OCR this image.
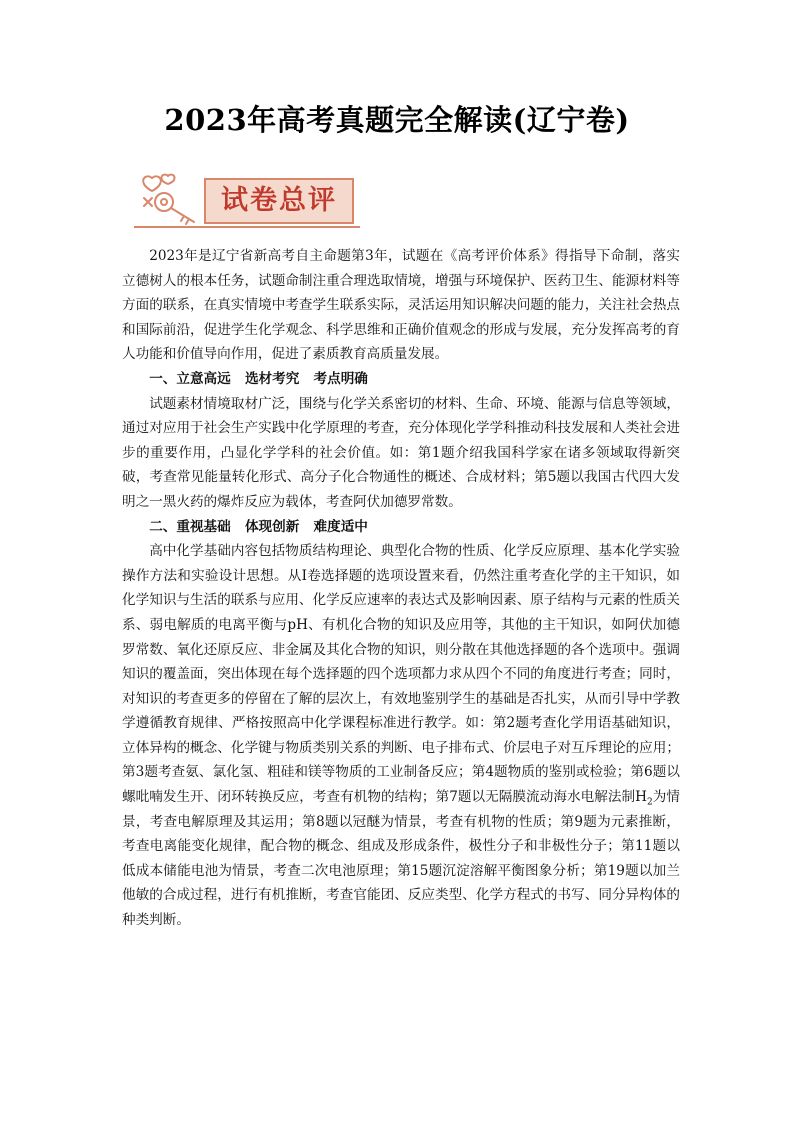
2023年高考真题完全解读(辽宁卷)
试卷总评

2023年是辽宁省新高考自主命题第3年，试题在《高考评价体系》得指导下命制，落实立德树人的根本任务，试题命制注重合理选取情境，增强与环境保护、医药卫生、能源材料等方面的联系，在真实情境中考查学生联系实际，灵活运用知识解决问题的能力，关注社会热点和国际前沿，促进学生化学观念、科学思维和正确价值观念的形成与发展，充分发挥高考的育人功能和价值导向作用，促进了素质教育高质量发展。

一、立意高远   选材考究   考点明确

试题素材情境取材广泛，围绕与化学关系密切的材料、生命、环境、能源与信息等领域，通过对应用于社会生产实践中化学原理的考查，充分体现化学学科推动科技发展和人类社会进步的重要作用，凸显化学学科的社会价值。如：第1题介绍我国科学家在诸多领域取得新突破，考查常见能量转化形式、高分子化合物通性的概述、合成材料；第5题以我国古代四大发明之一黑火药的爆炸反应为载体，考查阿伏加德罗常数。

二、重视基础   体现创新   难度适中

高中化学基础内容包括物质结构理论、典型化合物的性质、化学反应原理、基本化学实验操作方法和实验设计思想。从Ⅰ卷选择题的选项设置来看，仍然注重考查化学的主干知识，如化学知识与生活的联系与应用、化学反应速率的表达式及影响因素、原子结构与元素的性质关系、弱电解质的电离平衡与pH、有机化合物的知识及应用等，其他的主干知识，如阿伏加德罗常数、氧化还原反应、非金属及其化合物的知识，则分散在其他选择题的各个选项中。强调知识的覆盖面，突出体现在每个选择题的四个选项都力求从四个不同的角度进行考查；同时，对知识的考查更多的停留在了解的层次上，有效地鉴别学生的基础是否扎实，从而引导中学教学遵循教育规律、严格按照高中化学课程标准进行教学。如：第2题考查化学用语基础知识，立体异构的概念、化学键与物质类别关系的判断、电子排布式、价层电子对互斥理论的应用；第3题考查氨、氯化氢、粗硅和镁等物质的工业制备反应；第4题物质的鉴别或检验；第6题以螺吡喃发生开、闭环转换反应，考查有机物的结构；第7题以无隔膜流动海水电解法制$H_2$为情景，考查电解原理及其运用；第8题以冠醚为情景，考查有机物的性质；第9题为元素推断，考查电离能变化规律，配合物的概念、组成及形成条件，极性分子和非极性分子；第11题以低成本储能电池为情景，考查二次电池原理；第15题沉淀溶解平衡图象分析；第19题以加兰他敏的合成过程，进行有机推断，考查官能团、反应类型、化学方程式的书写、同分异构体的种类判断。
